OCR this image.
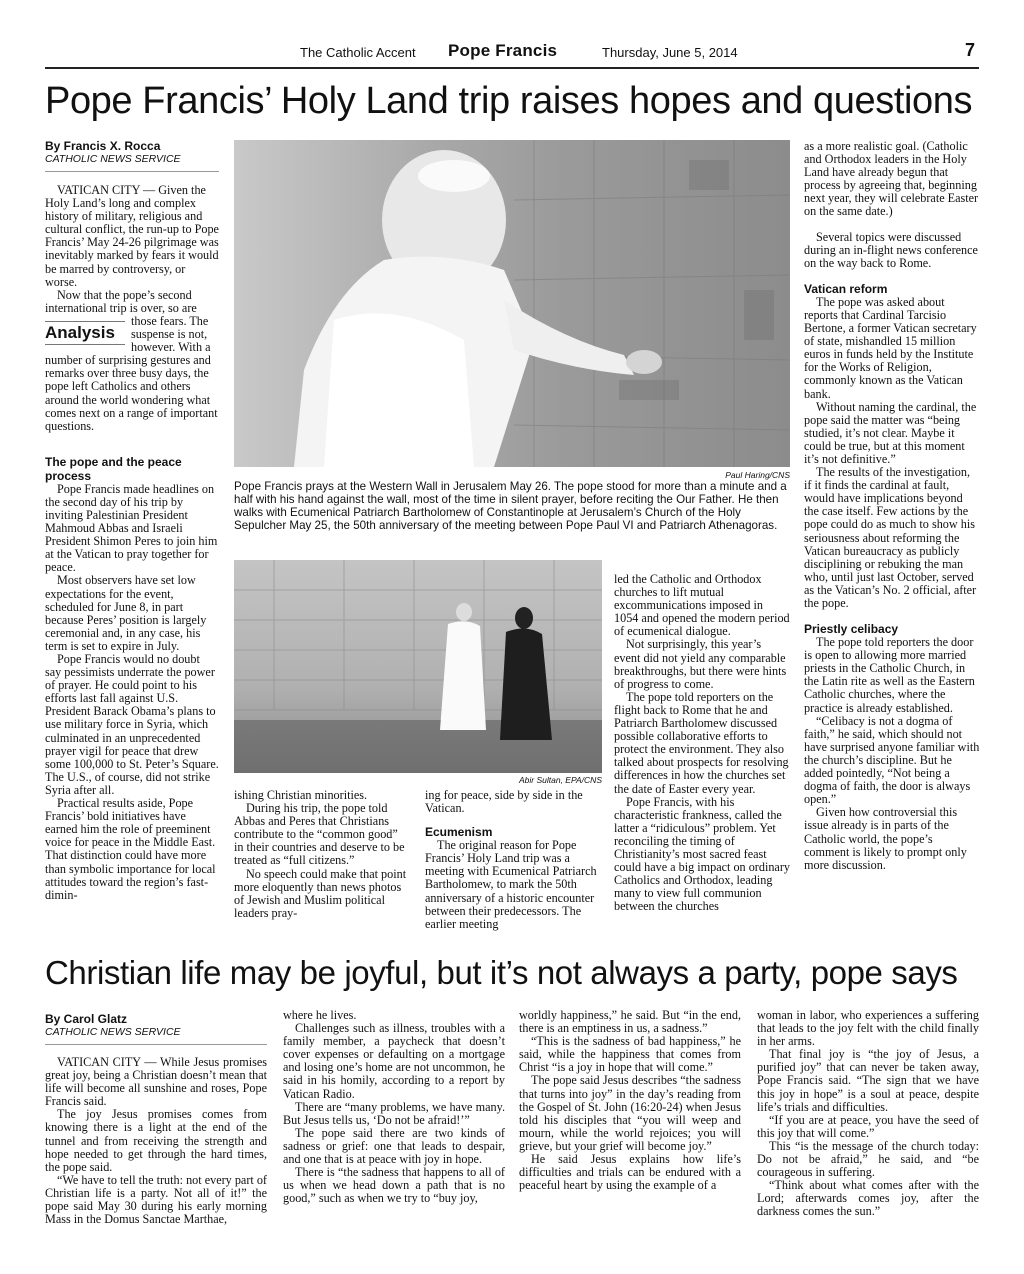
The Catholic Accent Pope Francis	Thursday, June 5, 2014	7
Pope Francis’ Holy Land trip raises hopes and questions
By Francis X. Rocca
CATHOLIC NEWS SERVICE

VATICAN CITY — Given the Holy Land’s long and complex history of military, religious and cultural conflict, the run-up to Pope Francis’ May 24-26 pilgrimage was inevitably marked by fears it would be marred by controversy, or worse.

Now that the pope’s second international trip is over, so are

Analysis
those fears. The suspense is not, however. With a

number of surprising gestures and remarks over three busy days, the pope left Catholics and others around the world wondering what comes next on a range of important questions.

The pope and the peace process

Pope Francis made headlines on the second day of his trip by inviting Palestinian President Mahmoud Abbas and Israeli President Shimon Peres to join him at the Vatican to pray together for peace.

Most observers have set low expectations for the event, scheduled for June 8, in part because Peres’ position is largely ceremonial and, in any case, his term is set to expire in July.

Pope Francis would no doubt say pessimists underrate the power of prayer. He could point to his efforts last fall against U.S. President Barack Obama’s plans to use military force in Syria, which culminated in an unprecedented prayer vigil for peace that drew some 100,000 to St. Peter’s Square. The U.S., of course, did not strike Syria after all.

Practical results aside, Pope Francis’ bold initiatives have earned him the role of preeminent voice for peace in the Middle East. That distinction could have more than symbolic importance for local attitudes toward the region’s fast-dimin-

Paul Haring/CNS
Pope Francis prays at the Western Wall in Jerusalem May 26. The pope stood for more than a minute and a half with his hand against the wall, most of the time in silent prayer, before reciting the Our Father. He then walks with Ecumenical Patriarch Bartholomew of Constantinople at Jerusalem’s Church of the Holy Sepulcher May 25, the 50th anniversary of the meeting between Pope Paul VI and Patriarch Athenagoras.
Abir Sultan, EPA/CNS

ishing Christian minorities.

During his trip, the pope told Abbas and Peres that Christians contribute to the “common good” in their countries and deserve to be treated as “full citizens.”

No speech could make that point more eloquently than news photos of Jewish and Muslim political leaders pray-

ing for peace, side by side in the Vatican.

Ecumenism

The original reason for Pope Francis’ Holy Land trip was a meeting with Ecumenical Patriarch Bartholomew, to mark the 50th anniversary of a historic encounter between their predecessors. The earlier meeting

led the Catholic and Orthodox churches to lift mutual excommunications imposed in 1054 and opened the modern period of ecumenical dialogue.

Not surprisingly, this year’s event did not yield any comparable breakthroughs, but there were hints of progress to come.

The pope told reporters on the flight back to Rome that he and Patriarch Bartholomew discussed possible collaborative efforts to protect the environment. They also talked about prospects for resolving differences in how the churches set the date of Easter every year.

Pope Francis, with his characteristic frankness, called the latter a “ridiculous” problem. Yet reconciling the timing of Christianity’s most sacred feast could have a big impact on ordinary Catholics and Orthodox, leading many to view full communion between the churches

as a more realistic goal. (Catholic and Orthodox leaders in the Holy Land have already begun that process by agreeing that, beginning next year, they will celebrate Easter on the same date.)

Several topics were discussed during an in-flight news conference on the way back to Rome.

Vatican reform

The pope was asked about reports that Cardinal Tarcisio Bertone, a former Vatican secretary of state, mishandled 15 million euros in funds held by the Institute for the Works of Religion, commonly known as the Vatican bank.

Without naming the cardinal, the pope said the matter was “being studied, it’s not clear. Maybe it could be true, but at this moment it’s not definitive.”

The results of the investigation, if it finds the cardinal at fault, would have implications beyond the case itself. Few actions by the pope could do as much to show his seriousness about reforming the Vatican bureaucracy as publicly disciplining or rebuking the man who, until just last October, served as the Vatican’s No. 2 official, after the pope.

Priestly celibacy

The pope told reporters the door is open to allowing more married priests in the Catholic Church, in the Latin rite as well as the Eastern Catholic churches, where the practice is already established.

“Celibacy is not a dogma of faith,” he said, which should not have surprised anyone familiar with the church’s discipline. But he added pointedly, “Not being a dogma of faith, the door is always open.”

Given how controversial this issue already is in parts of the Catholic world, the pope’s comment is likely to prompt only more discussion.

Christian life may be joyful, but it’s not always a party, pope says
By Carol Glatz
CATHOLIC NEWS SERVICE

VATICAN CITY — While Jesus promises great joy, being a Christian doesn’t mean that life will become all sunshine and roses, Pope Francis said.

The joy Jesus promises comes from knowing there is a light at the end of the tunnel and from receiving the strength and hope needed to get through the hard times, the pope said.

“We have to tell the truth: not every part of Christian life is a party. Not all of it!” the pope said May 30 during his early morning Mass in the Domus Sanctae Marthae,

where he lives.

Challenges such as illness, troubles with a family member, a paycheck that doesn’t cover expenses or defaulting on a mortgage and losing one’s home are not uncommon, he said in his homily, according to a report by Vatican Radio.

There are “many problems, we have many. But Jesus tells us, ‘Do not be afraid!’”

The pope said there are two kinds of sadness or grief: one that leads to despair, and one that is at peace with joy in hope.

There is “the sadness that happens to all of us when we head down a path that is no good,” such as when we try to “buy joy,

worldly happiness,” he said. But “in the end, there is an emptiness in us, a sadness.”

“This is the sadness of bad happiness,” he said, while the happiness that comes from Christ “is a joy in hope that will come.”

The pope said Jesus describes “the sadness that turns into joy” in the day’s reading from the Gospel of St. John (16:20-24) when Jesus told his disciples that “you will weep and mourn, while the world rejoices; you will grieve, but your grief will become joy.”

He said Jesus explains how life’s difficulties and trials can be endured with a peaceful heart by using the example of a

woman in labor, who experiences a suffering that leads to the joy felt with the child finally in her arms.

That final joy is “the joy of Jesus, a purified joy” that can never be taken away, Pope Francis said. “The sign that we have this joy in hope” is a soul at peace, despite life’s trials and difficulties.

“If you are at peace, you have the seed of this joy that will come.”

This “is the message of the church today: Do not be afraid,” he said, and “be courageous in suffering.

“Think about what comes after with the Lord; afterwards comes joy, after the darkness comes the sun.”
